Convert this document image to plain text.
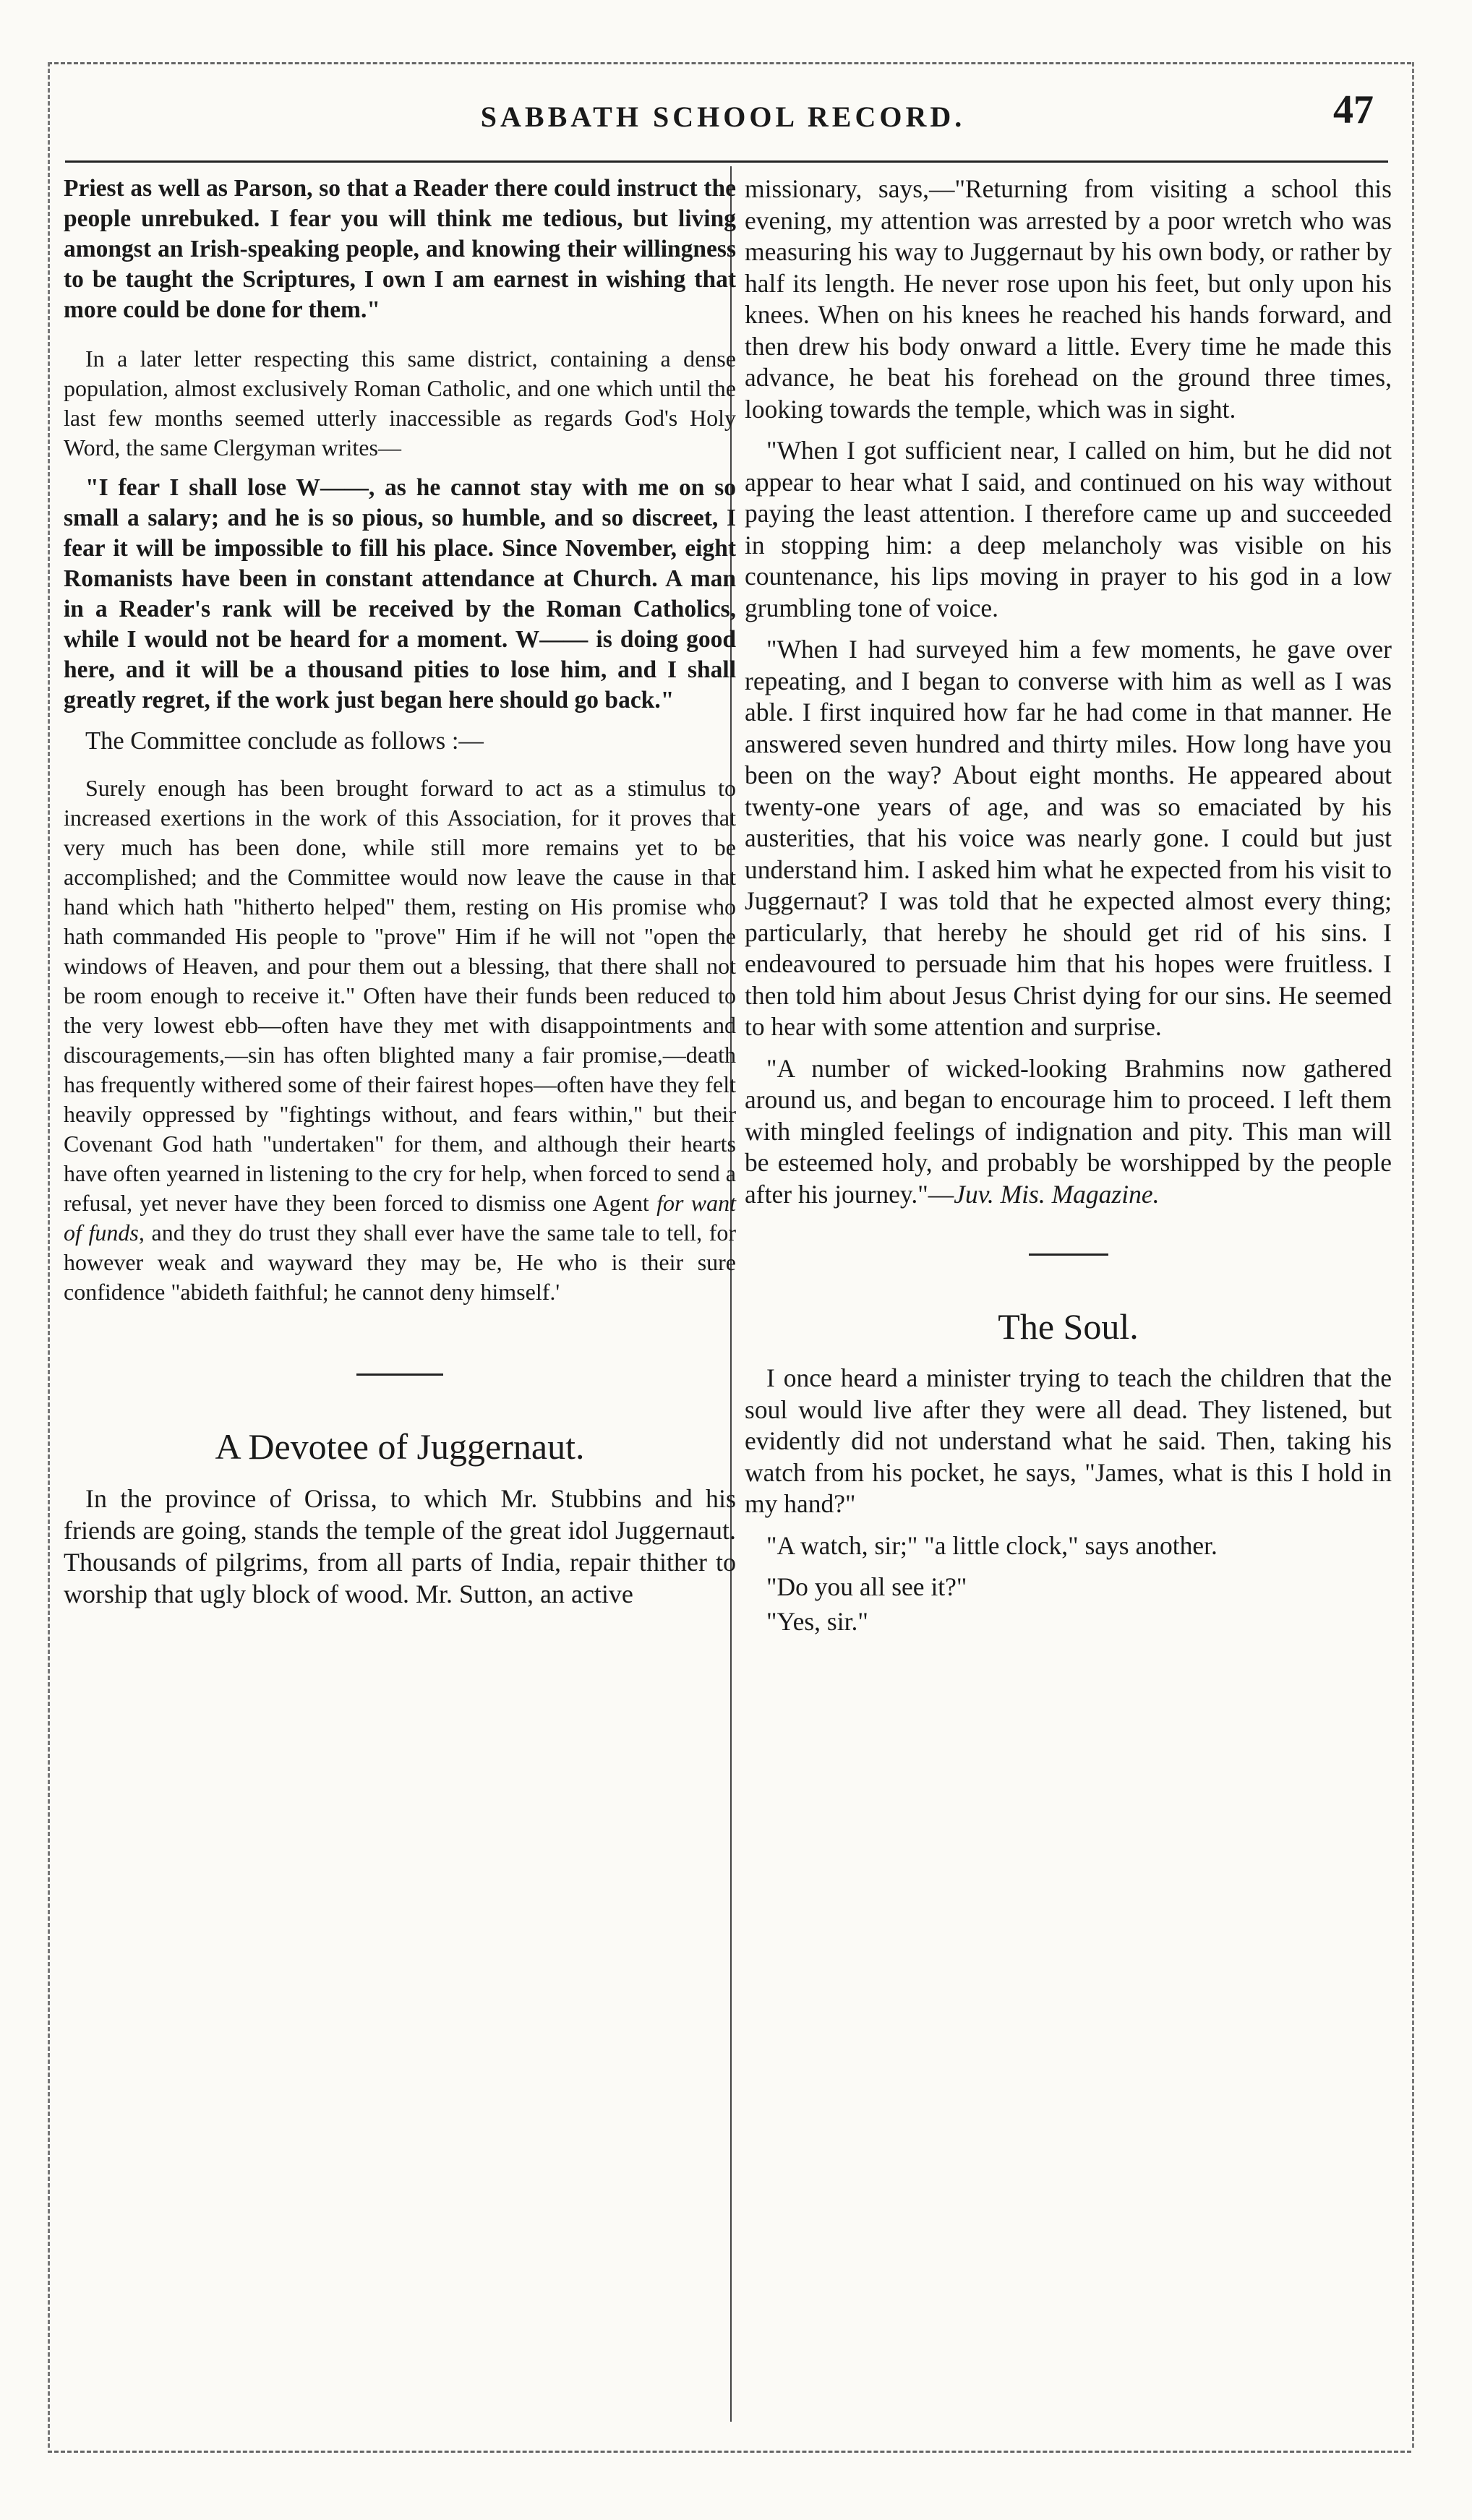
SABBATH SCHOOL RECORD.	47

Priest as well as Parson, so that a Reader there could instruct the people unrebuked. I fear you will think me tedious, but living amongst an Irish-speaking people, and knowing their willingness to be taught the Scriptures, I own I am earnest in wishing that more could be done for them."

In a later letter respecting this same district, containing a dense population, almost exclusively Roman Catholic, and one which until the last few months seemed utterly inaccessible as regards God's Holy Word, the same Clergyman writes—

"I fear I shall lose W——, as he cannot stay with me on so small a salary; and he is so pious, so humble, and so discreet, I fear it will be impossible to fill his place. Since November, eight Romanists have been in constant attendance at Church. A man in a Reader's rank will be received by the Roman Catholics, while I would not be heard for a moment. W—— is doing good here, and it will be a thousand pities to lose him, and I shall greatly regret, if the work just began here should go back."

The Committee conclude as follows :—

Surely enough has been brought forward to act as a stimulus to increased exertions in the work of this Association, for it proves that very much has been done, while still more remains yet to be accomplished; and the Committee would now leave the cause in that hand which hath "hitherto helped" them, resting on His promise who hath commanded His people to "prove" Him if he will not "open the windows of Heaven, and pour them out a blessing, that there shall not be room enough to receive it." Often have their funds been reduced to the very lowest ebb—often have they met with disappointments and discouragements,—sin has often blighted many a fair promise,—death has frequently withered some of their fairest hopes—often have they felt heavily oppressed by "fightings without, and fears within," but their Covenant God hath "undertaken" for them, and although their hearts have often yearned in listening to the cry for help, when forced to send a refusal, yet never have they been forced to dismiss one Agent for want of funds, and they do trust they shall ever have the same tale to tell, for however weak and wayward they may be, He who is their sure confidence "abideth faithful; he cannot deny himself.'

A Devotee of Juggernaut.

In the province of Orissa, to which Mr. Stubbins and his friends are going, stands the temple of the great idol Juggernaut. Thousands of pilgrims, from all parts of India, repair thither to worship that ugly block of wood. Mr. Sutton, an active

missionary, says,—"Returning from visiting a school this evening, my attention was arrested by a poor wretch who was measuring his way to Juggernaut by his own body, or rather by half its length. He never rose upon his feet, but only upon his knees. When on his knees he reached his hands forward, and then drew his body onward a little. Every time he made this advance, he beat his forehead on the ground three times, looking towards the temple, which was in sight.

"When I got sufficient near, I called on him, but he did not appear to hear what I said, and continued on his way without paying the least attention. I therefore came up and succeeded in stopping him: a deep melancholy was visible on his countenance, his lips moving in prayer to his god in a low grumbling tone of voice.

"When I had surveyed him a few moments, he gave over repeating, and I began to converse with him as well as I was able. I first inquired how far he had come in that manner. He answered seven hundred and thirty miles. How long have you been on the way? About eight months. He appeared about twenty-one years of age, and was so emaciated by his austerities, that his voice was nearly gone. I could but just understand him. I asked him what he expected from his visit to Juggernaut? I was told that he expected almost every thing; particularly, that hereby he should get rid of his sins. I endeavoured to persuade him that his hopes were fruitless. I then told him about Jesus Christ dying for our sins. He seemed to hear with some attention and surprise.

"A number of wicked-looking Brahmins now gathered around us, and began to encourage him to proceed. I left them with mingled feelings of indignation and pity. This man will be esteemed holy, and probably be worshipped by the people after his journey."—Juv. Mis. Magazine.

The Soul.

I once heard a minister trying to teach the children that the soul would live after they were all dead. They listened, but evidently did not understand what he said. Then, taking his watch from his pocket, he says, "James, what is this I hold in my hand?"

"A watch, sir;" "a little clock," says another.

"Do you all see it?"

"Yes, sir."
